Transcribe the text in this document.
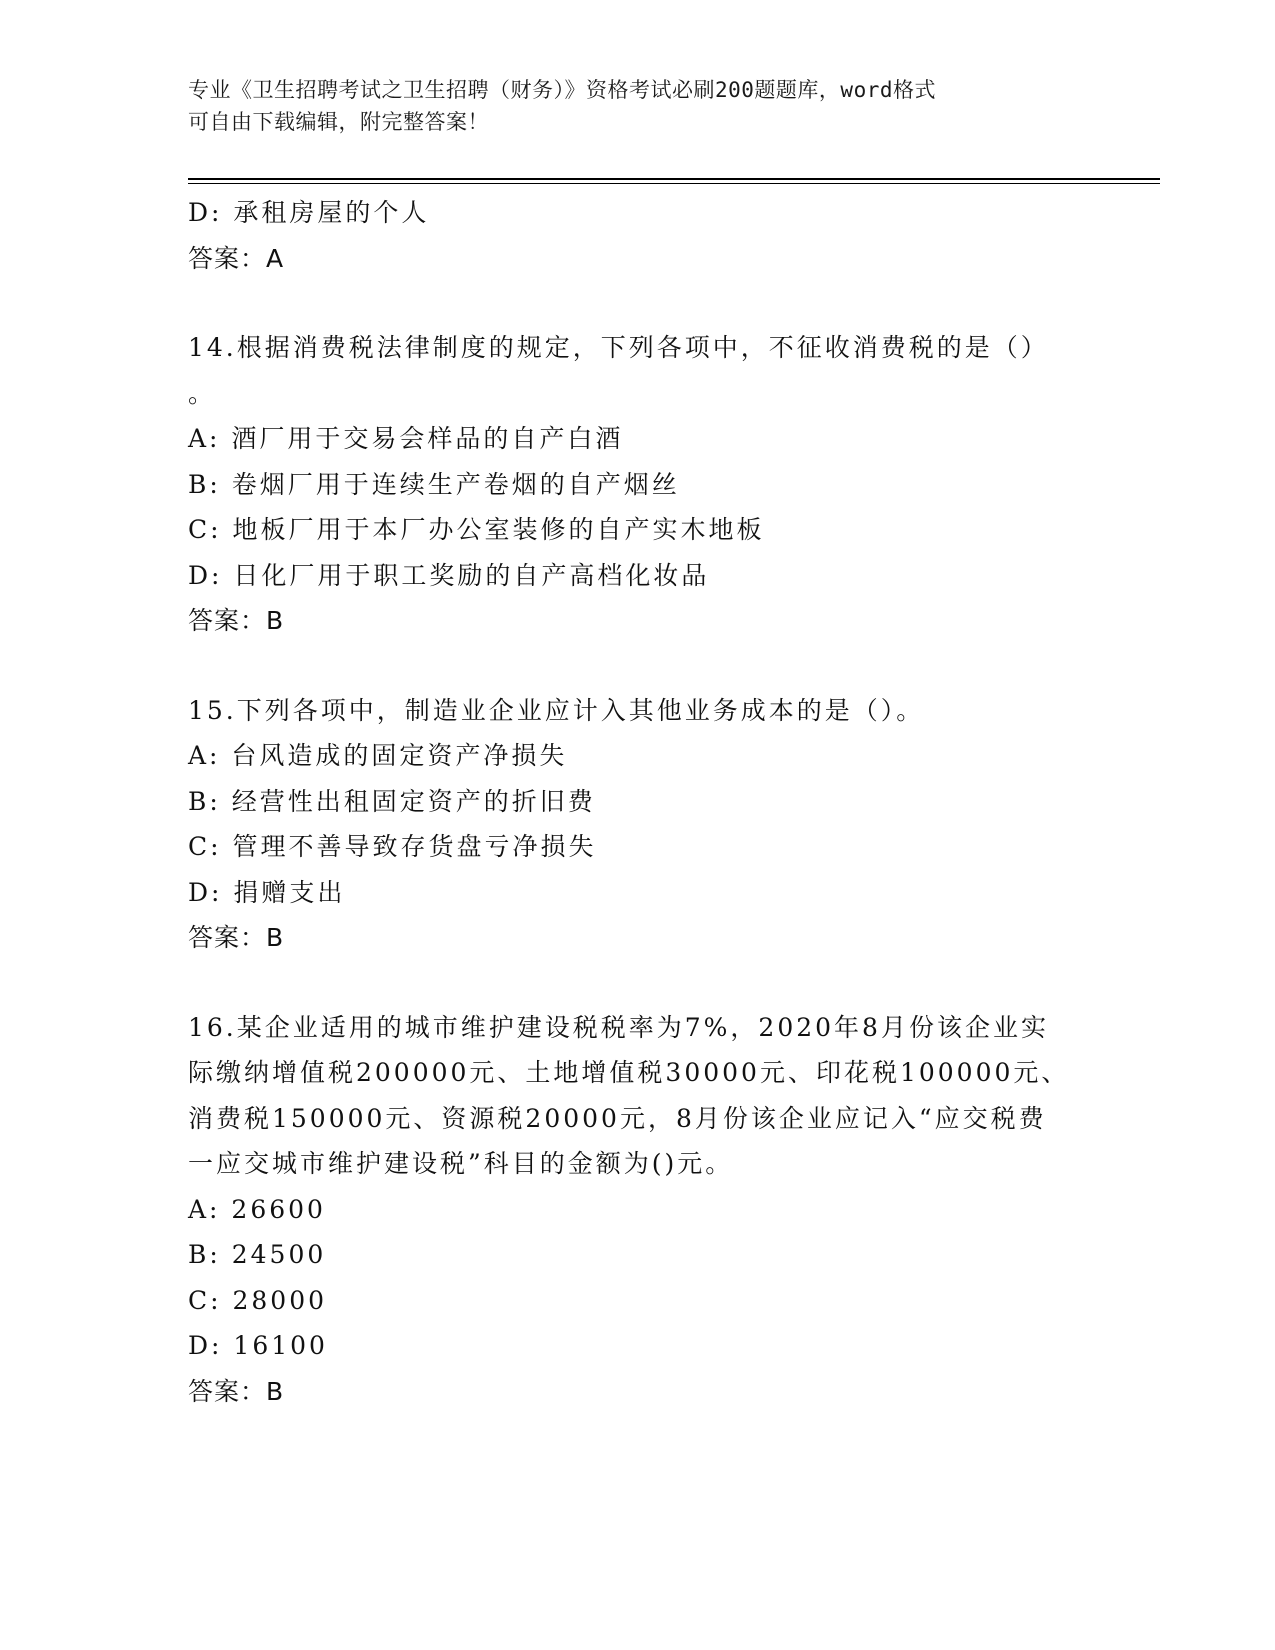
专业《卫生招聘考试之卫生招聘（财务）》资格考试必刷200题题库，word格式
可自由下载编辑，附完整答案！
D: 承租房屋的个人
答案：A
14.根据消费税法律制度的规定，下列各项中，不征收消费税的是（）
。
A: 酒厂用于交易会样品的自产白酒
B: 卷烟厂用于连续生产卷烟的自产烟丝
C: 地板厂用于本厂办公室装修的自产实木地板
D: 日化厂用于职工奖励的自产高档化妆品
答案：B
15.下列各项中，制造业企业应计入其他业务成本的是（）。
A: 台风造成的固定资产净损失
B: 经营性出租固定资产的折旧费
C: 管理不善导致存货盘亏净损失
D: 捐赠支出
答案：B
16.某企业适用的城市维护建设税税率为7%，2020年8月份该企业实
际缴纳增值税200000元、土地增值税30000元、印花税100000元、
消费税150000元、资源税20000元，8月份该企业应记入“应交税费
一应交城市维护建设税”科目的金额为()元。
A: 26600
B: 24500
C: 28000
D: 16100
答案：B
